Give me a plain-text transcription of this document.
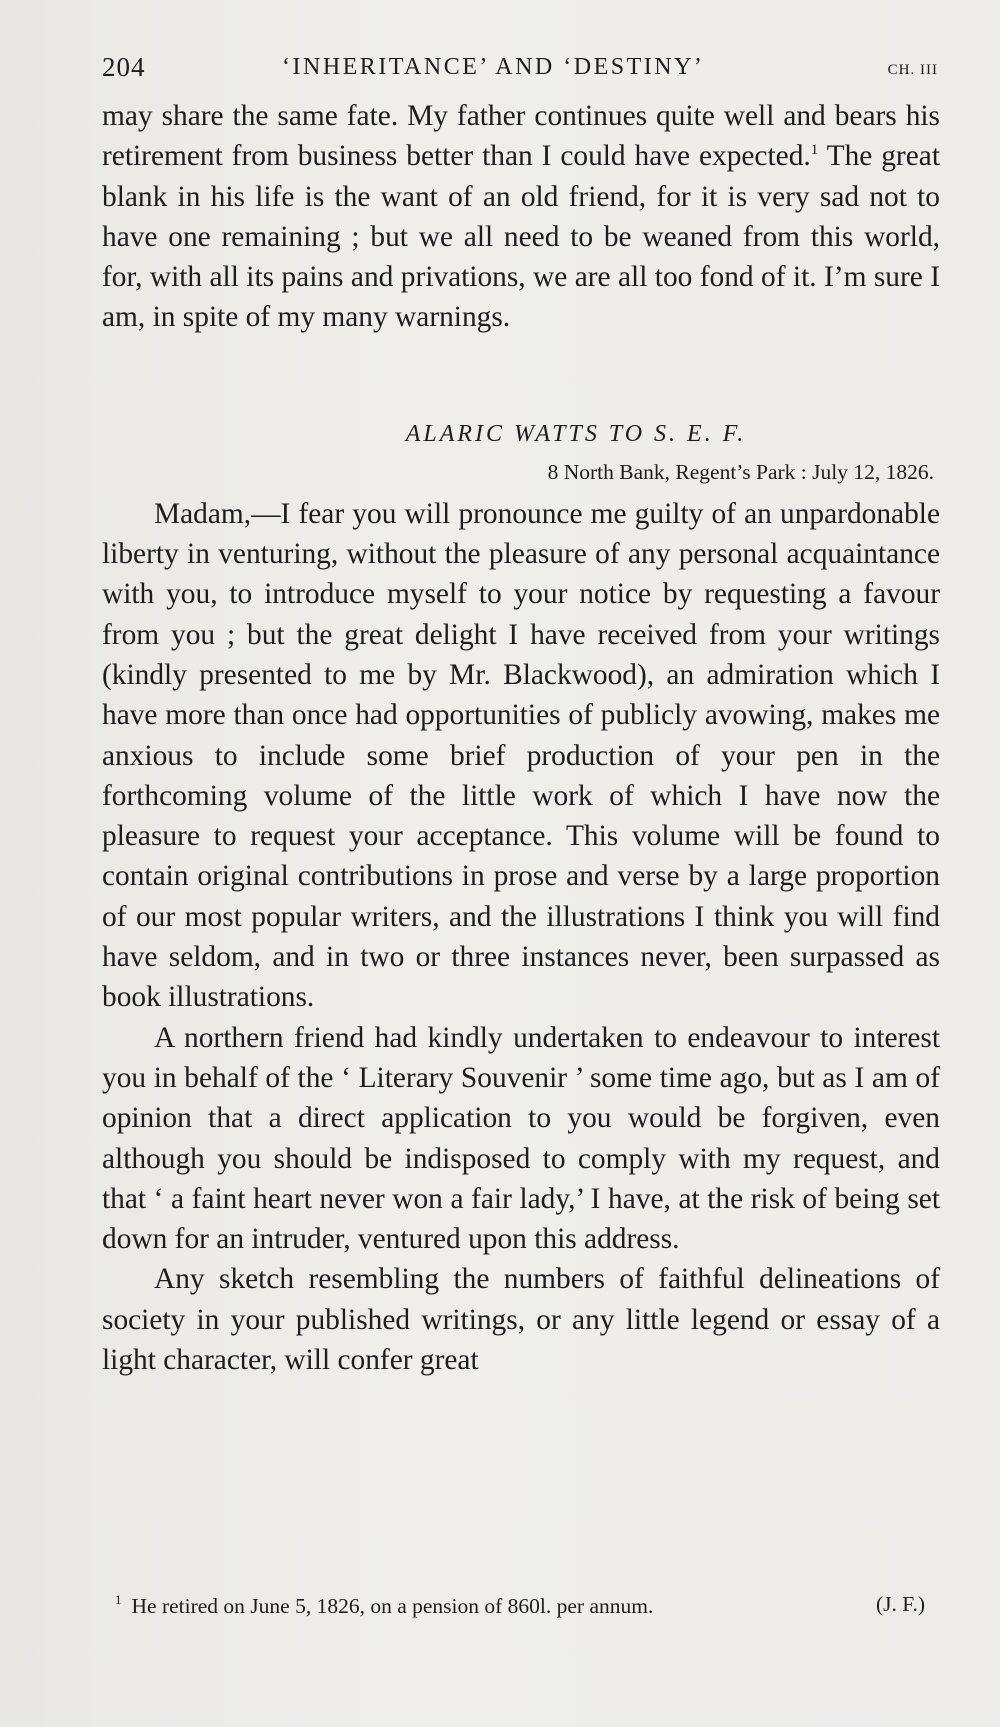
204	‘INHERITANCE’ AND ‘DESTINY’	CH. III

may share the same fate. My father continues quite well and bears his retirement from business better than I could have expected.$^1$ The great blank in his life is the want of an old friend, for it is very sad not to have one remaining ; but we all need to be weaned from this world, for, with all its pains and privations, we are all too fond of it. I’m sure I am, in spite of my many warnings.

ALARIC WATTS TO S. E. F.
8 North Bank, Regent’s Park : July 12, 1826.

Madam,—I fear you will pronounce me guilty of an unpardonable liberty in venturing, without the pleasure of any personal acquaintance with you, to introduce myself to your notice by requesting a favour from you ; but the great delight I have received from your writings (kindly presented to me by Mr. Blackwood), an admiration which I have more than once had opportunities of publicly avowing, makes me anxious to include some brief production of your pen in the forthcoming volume of the little work of which I have now the pleasure to request your acceptance. This volume will be found to contain original contributions in prose and verse by a large proportion of our most popular writers, and the illustrations I think you will find have seldom, and in two or three instances never, been surpassed as book illustrations.

A northern friend had kindly undertaken to endeavour to interest you in behalf of the ‘ Literary Souvenir ’ some time ago, but as I am of opinion that a direct application to you would be forgiven, even although you should be indisposed to comply with my request, and that ‘ a faint heart never won a fair lady,’ I have, at the risk of being set down for an intruder, ventured upon this address.

Any sketch resembling the numbers of faithful delineations of society in your published writings, or any little legend or essay of a light character, will confer great

$^1$ He retired on June 5, 1826, on a pension of 860l. per annum.	(J. F.)
